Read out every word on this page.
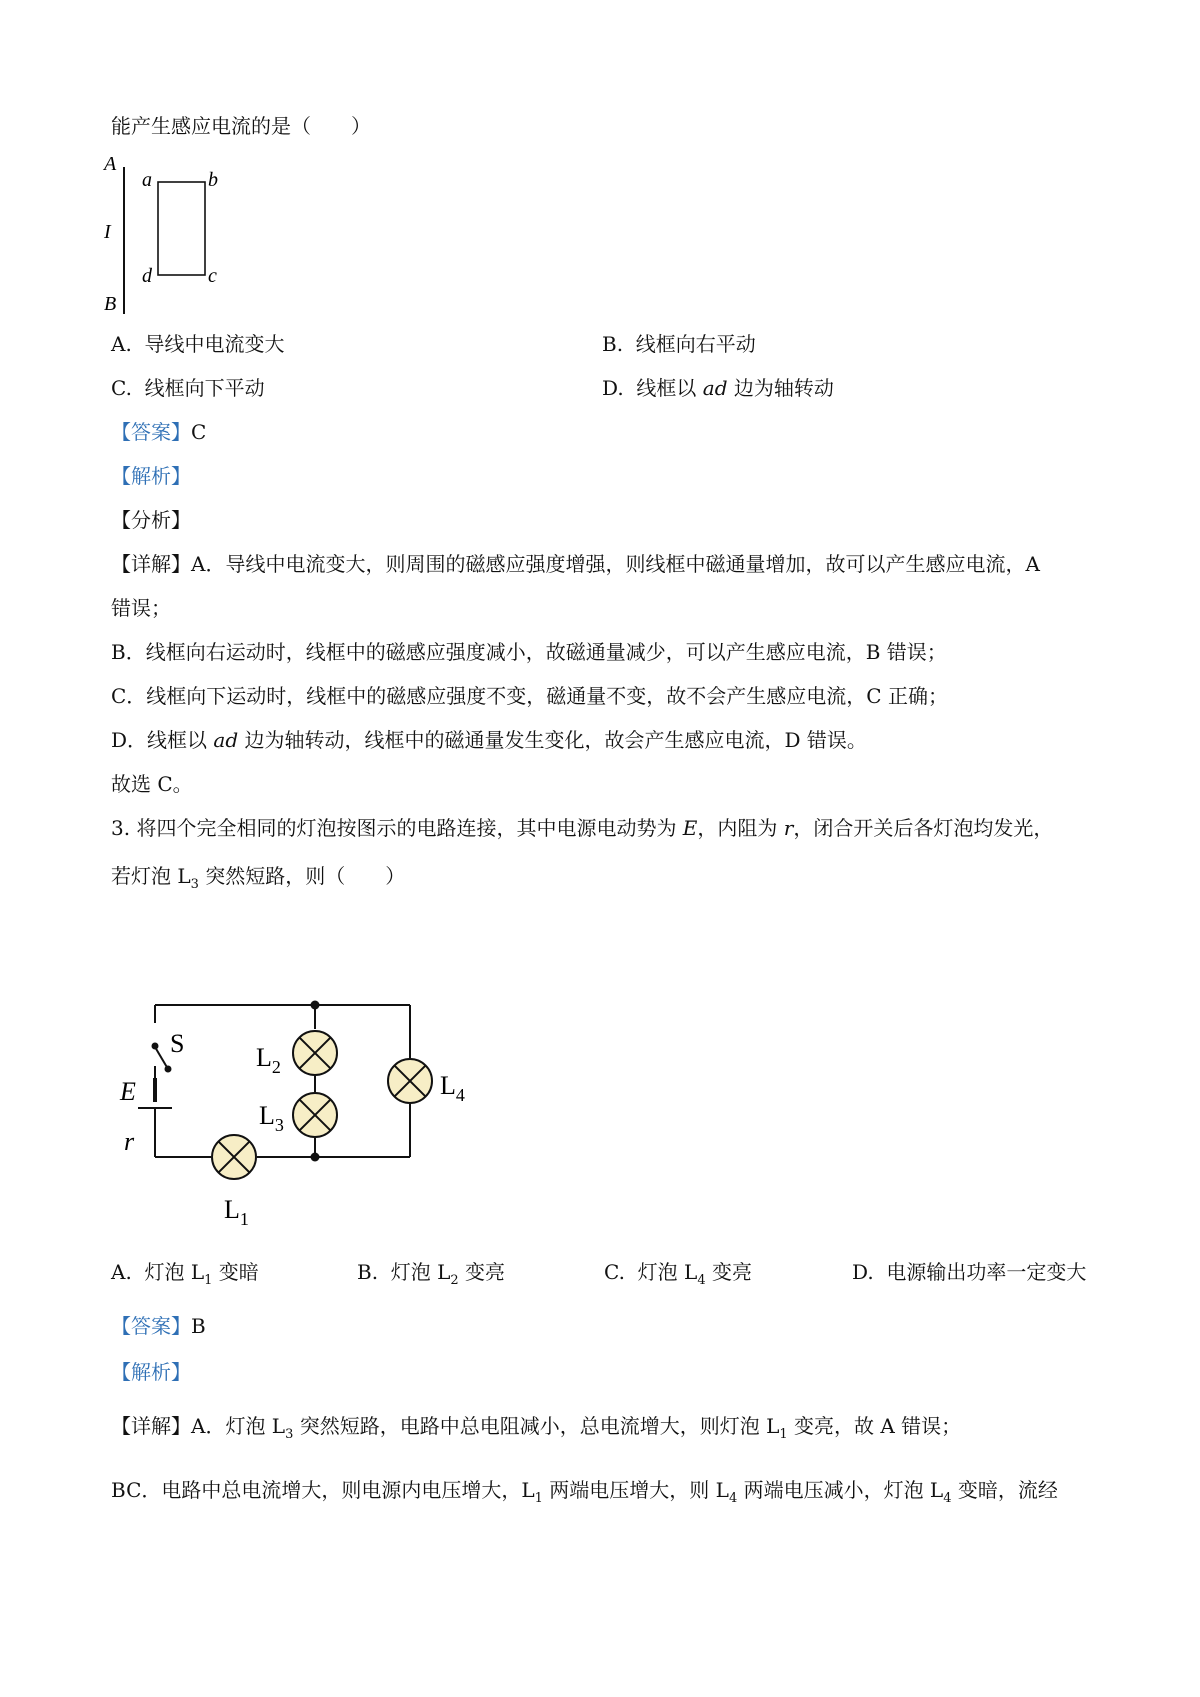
能产生感应电流的是（　　）
A
I
B
a	b
d	c
A. 导线中电流变大	B. 线框向右平动
C. 线框向下平动	D. 线框以 ad 边为轴转动
【答案】C
【解析】
【分析】
【详解】A．导线中电流变大，则周围的磁感应强度增强，则线框中磁通量增加，故可以产生感应电流，A
错误；
B．线框向右运动时，线框中的磁感应强度减小，故磁通量减少，可以产生感应电流，B 错误；
C．线框向下运动时，线框中的磁感应强度不变，磁通量不变，故不会产生感应电流，C 正确；
D．线框以 ad 边为轴转动，线框中的磁通量发生变化，故会产生感应电流，D 错误。
故选 C。
3. 将四个完全相同的灯泡按图示的电路连接，其中电源电动势为 E，内阻为 r，闭合开关后各灯泡均发光，
若灯泡 $L_3$ 突然短路，则（　　）
S
E
r
$L_2$
$L_3$
$L_4$
$L_1$
A. 灯泡 $L_1$ 变暗	B. 灯泡 $L_2$ 变亮	C. 灯泡 $L_4$ 变亮	D. 电源输出功率一定变大
【答案】B
【解析】
【详解】A．灯泡 $L_3$ 突然短路，电路中总电阻减小，总电流增大，则灯泡 $L_1$ 变亮，故 A 错误；
BC．电路中总电流增大，则电源内电压增大，$L_1$ 两端电压增大，则 $L_4$ 两端电压减小，灯泡 $L_4$ 变暗，流经
